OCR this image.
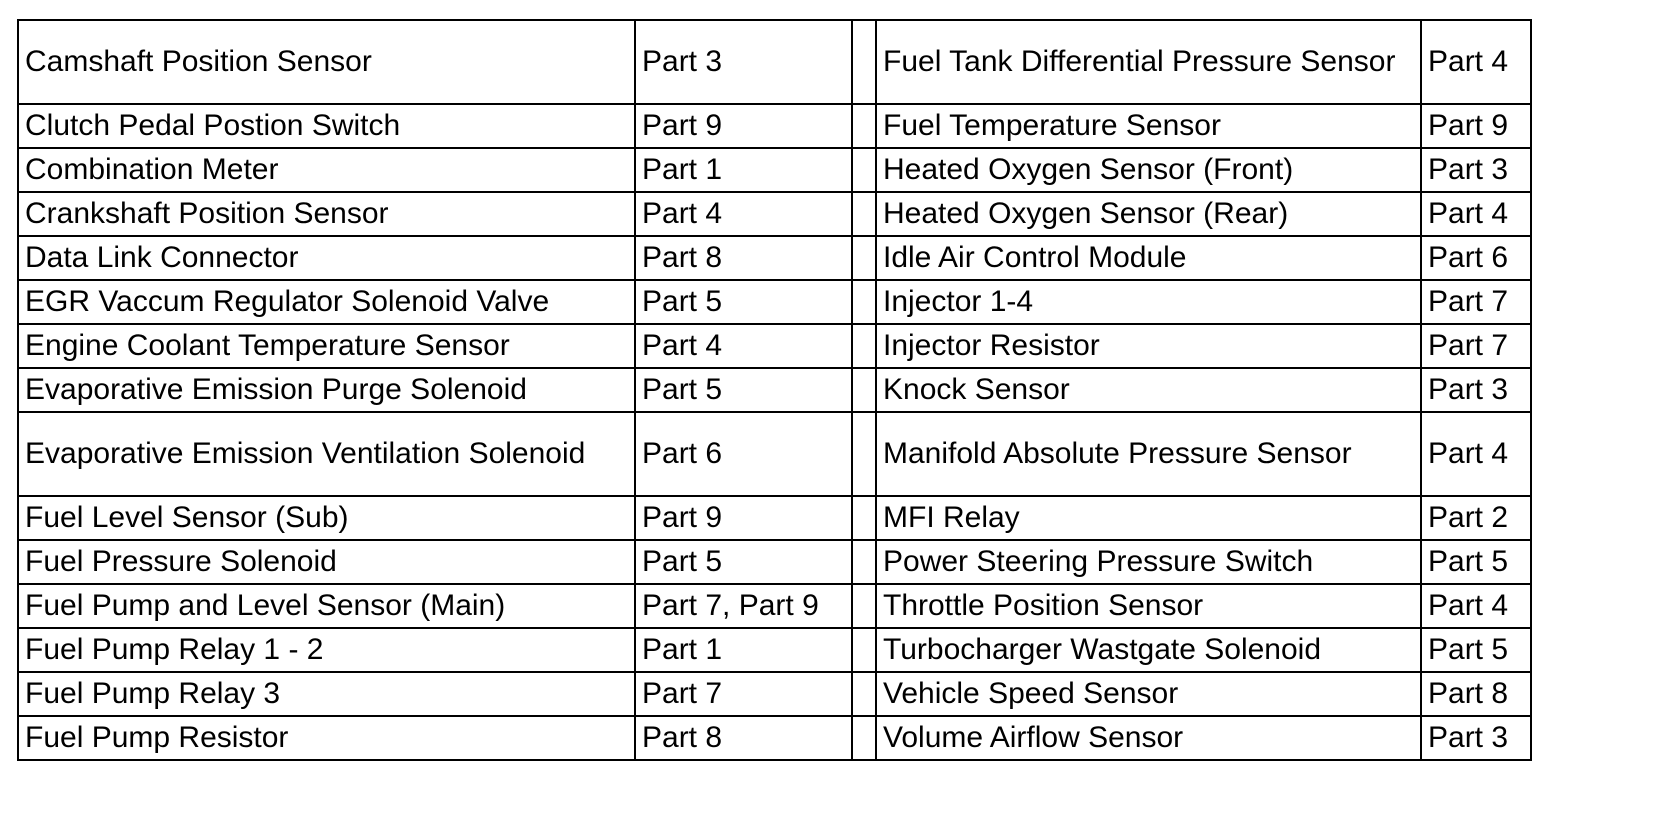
Camshaft Position Sensor	Part 3		Fuel Tank Differential Pressure Sensor	Part 4
Clutch Pedal Postion Switch	Part 9		Fuel Temperature Sensor	Part 9
Combination Meter	Part 1		Heated Oxygen Sensor (Front)	Part 3
Crankshaft Position Sensor	Part 4		Heated Oxygen Sensor (Rear)	Part 4
Data Link Connector	Part 8		Idle Air Control Module	Part 6
EGR Vaccum Regulator Solenoid Valve	Part 5		Injector 1-4	Part 7
Engine Coolant Temperature Sensor	Part 4		Injector Resistor	Part 7
Evaporative Emission Purge Solenoid	Part 5		Knock Sensor	Part 3
Evaporative Emission Ventilation Solenoid	Part 6		Manifold Absolute Pressure Sensor	Part 4
Fuel Level Sensor (Sub)	Part 9		MFI Relay	Part 2
Fuel Pressure Solenoid	Part 5		Power Steering Pressure Switch	Part 5
Fuel Pump and Level Sensor (Main)	Part 7, Part 9		Throttle Position Sensor	Part 4
Fuel Pump Relay 1 - 2	Part 1		Turbocharger Wastgate Solenoid	Part 5
Fuel Pump Relay 3	Part 7		Vehicle Speed Sensor	Part 8
Fuel Pump Resistor	Part 8		Volume Airflow Sensor	Part 3
